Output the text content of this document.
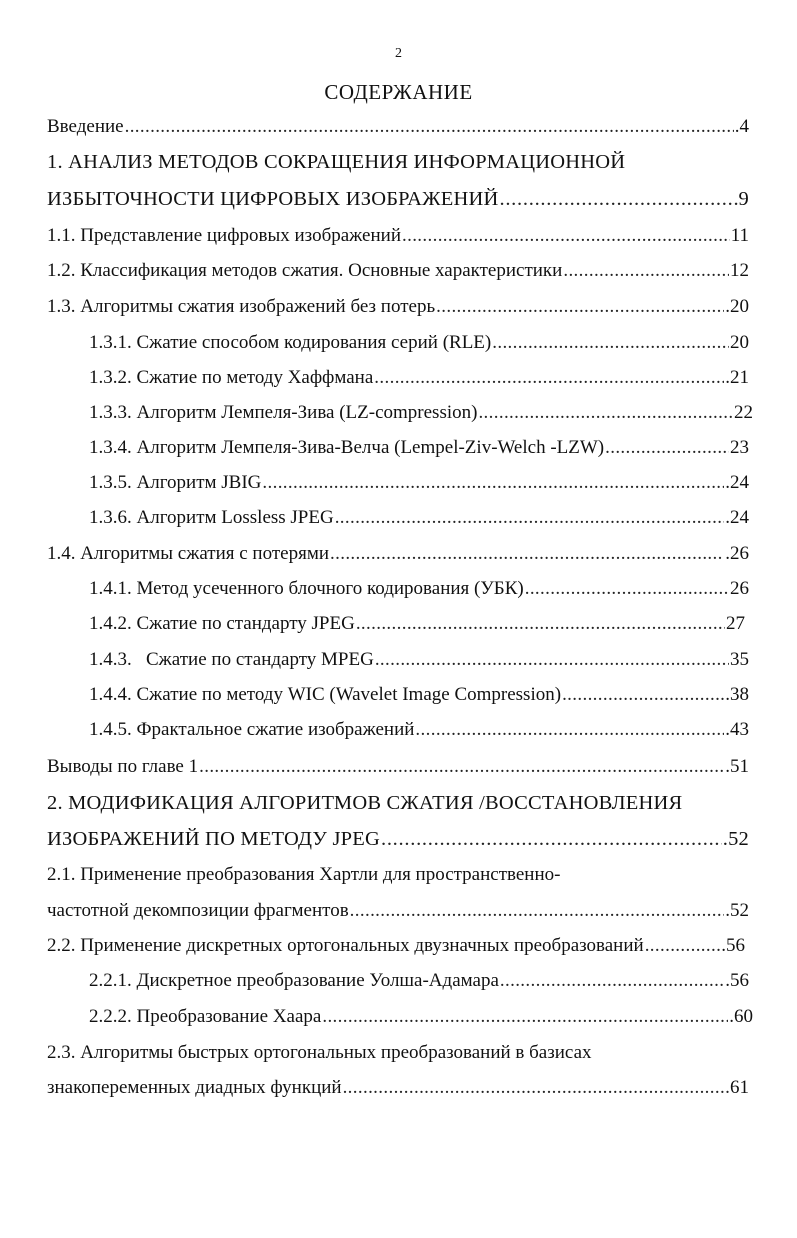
2
СОДЕРЖАНИЕ
Введение . . .	.4
1. АНАЛИЗ МЕТОДОВ СОКРАЩЕНИЯ ИНФОРМАЦИОННОЙ
ИЗБЫТОЧНОСТИ ЦИФРОВЫХ ИЗОБРАЖЕНИЙ . . .	9
1.1. Представление цифровых изображений . . .	11
1.2. Классификация методов сжатия. Основные характеристики . . .	12
1.3. Алгоритмы сжатия изображений без потерь . . .	.20
1.3.1. Сжатие способом кодирования серий (RLE) . . .	20
1.3.2. Сжатие по методу Хаффмана . . .	.21
1.3.3. Алгоритм Лемпеля-Зива (LZ-compression) . . .	22
1.3.4. Алгоритм Лемпеля-Зива-Велча (Lempel-Ziv-Welch -LZW) . . .	23
1.3.5. Алгоритм JBIG . . .	.24
1.3.6. Алгоритм Lossless JPEG . . .	.24
1.4. Алгоритмы сжатия с потерями . . .	.26
1.4.1. Метод усеченного блочного кодирования (УБК) . . .	26
1.4.2. Сжатие по стандарту JPEG . . .	27
1.4.3.   Сжатие по стандарту MPEG . . .	35
1.4.4. Сжатие по методу WIC (Wavelet Image Compression) . . .	.38
1.4.5. Фрактальное сжатие изображений . . .	.43
Выводы по главе 1 . . .	.51
2. МОДИФИКАЦИЯ АЛГОРИТМОВ СЖАТИЯ /ВОССТАНОВЛЕНИЯ
ИЗОБРАЖЕНИЙ ПО МЕТОДУ JPEG . . .	.52
2.1. Применение преобразования Хартли для пространственно-
частотной декомпозиции фрагментов . . .	.52
2.2. Применение дискретных ортогональных двузначных преобразований . . .	.56
2.2.1. Дискретное преобразование Уолша-Адамара . . .	.56
2.2.2. Преобразование Хаара . . .	.60
2.3. Алгоритмы быстрых ортогональных преобразований в базисах
знакопеременных диадных функций . . .	61
